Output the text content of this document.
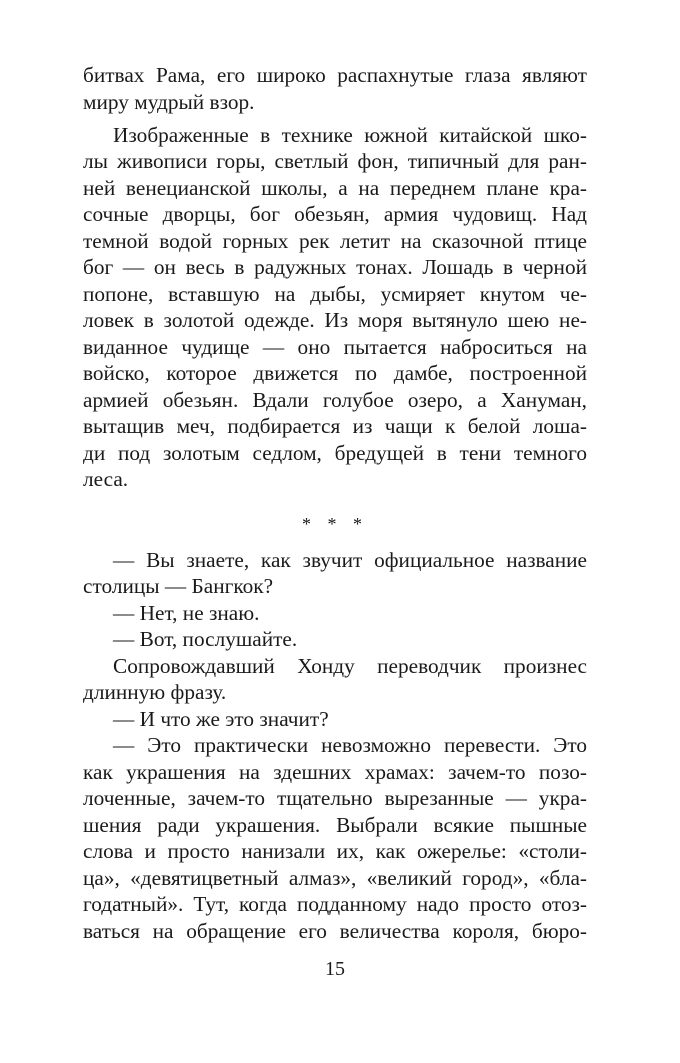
битвах Рама, его широко распахнутые глаза являют
миру мудрый взор.
Изображенные в технике южной китайской шко-
лы живописи горы, светлый фон, типичный для ран-
ней венецианской школы, а на переднем плане кра-
сочные дворцы, бог обезьян, армия чудовищ. Над
темной водой горных рек летит на сказочной птице
бог — он весь в радужных тонах. Лошадь в черной
попоне, вставшую на дыбы, усмиряет кнутом че-
ловек в золотой одежде. Из моря вытянуло шею не-
виданное чудище — оно пытается наброситься на
войско, которое движется по дамбе, построенной
армией обезьян. Вдали голубое озеро, а Хануман,
вытащив меч, подбирается из чащи к белой лоша-
ди под золотым седлом, бредущей в тени темного
леса.
* * *
— Вы знаете, как звучит официальное название
столицы — Бангкок?
— Нет, не знаю.
— Вот, послушайте.
Сопровождавший Хонду переводчик произнес
длинную фразу.
— И что же это значит?
— Это практически невозможно перевести. Это
как украшения на здешних храмах: зачем-то позо-
лоченные, зачем-то тщательно вырезанные — укра-
шения ради украшения. Выбрали всякие пышные
слова и просто нанизали их, как ожерелье: «столи-
ца», «девятицветный алмаз», «великий город», «бла-
годатный». Тут, когда подданному надо просто отоз-
ваться на обращение его величества короля, бюро-
15
